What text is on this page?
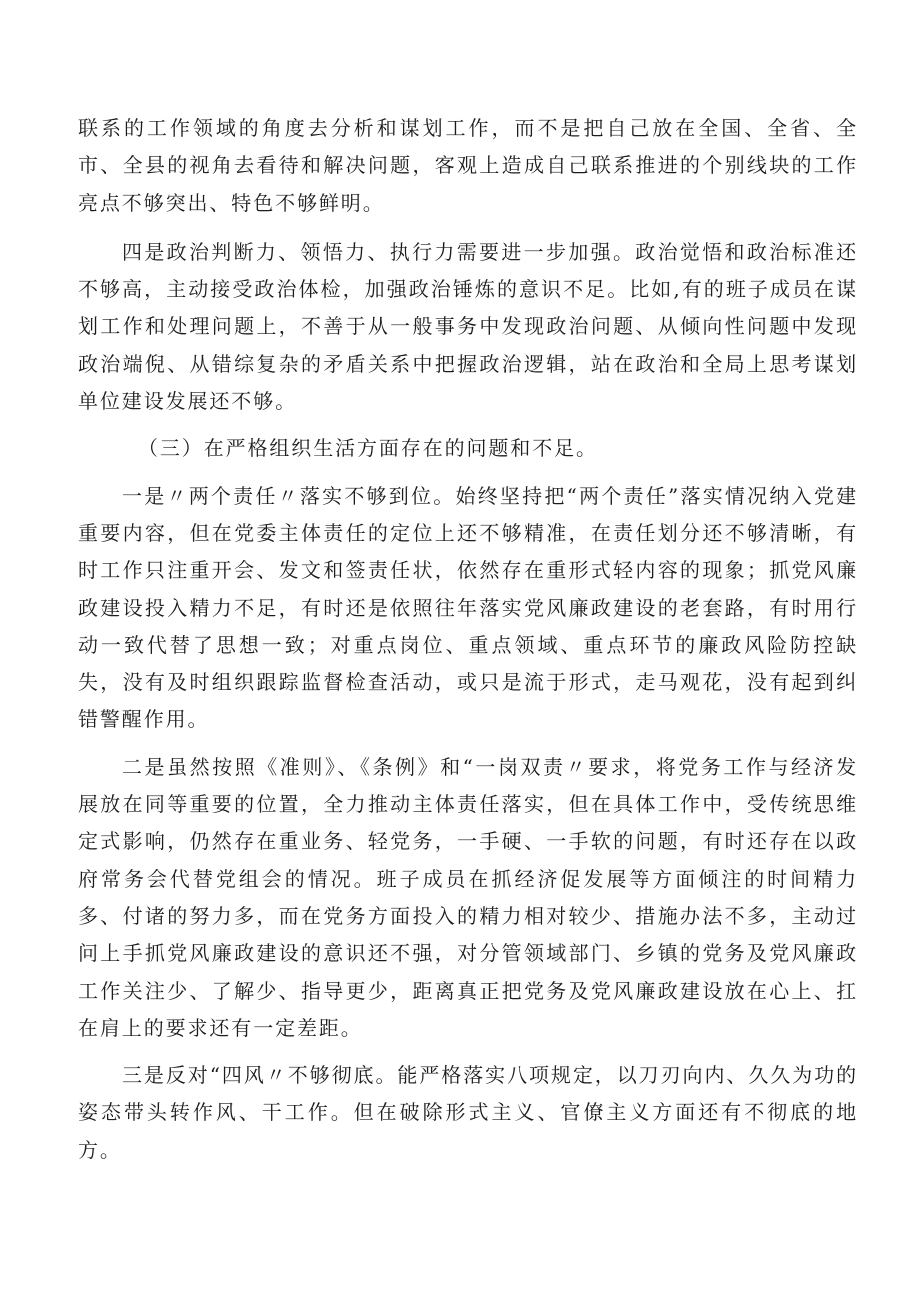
联系的工作领域的角度去分析和谋划工作，而不是把自己放在全国、全省、全市、全县的视角去看待和解决问题，客观上造成自己联系推进的个别线块的工作亮点不够突出、特色不够鲜明。

四是政治判断力、领悟力、执行力需要进一步加强。政治觉悟和政治标准还不够高，主动接受政治体检，加强政治锤炼的意识不足。比如,有的班子成员在谋划工作和处理问题上，不善于从一般事务中发现政治问题、从倾向性问题中发现政治端倪、从错综复杂的矛盾关系中把握政治逻辑，站在政治和全局上思考谋划单位建设发展还不够。

（三）在严格组织生活方面存在的问题和不足。

一是〃两个责任〃落实不够到位。始终坚持把“两个责任”落实情况纳入党建重要内容，但在党委主体责任的定位上还不够精准，在责任划分还不够清晰，有时工作只注重开会、发文和签责任状，依然存在重形式轻内容的现象；抓党风廉政建设投入精力不足，有时还是依照往年落实党风廉政建设的老套路，有时用行动一致代替了思想一致；对重点岗位、重点领域、重点环节的廉政风险防控缺失，没有及时组织跟踪监督检查活动，或只是流于形式，走马观花，没有起到纠错警醒作用。

二是虽然按照《准则》、《条例》和“一岗双责〃要求，将党务工作与经济发展放在同等重要的位置，全力推动主体责任落实，但在具体工作中，受传统思维定式影响，仍然存在重业务、轻党务，一手硬、一手软的问题，有时还存在以政府常务会代替党组会的情况。班子成员在抓经济促发展等方面倾注的时间精力多、付诸的努力多，而在党务方面投入的精力相对较少、措施办法不多，主动过问上手抓党风廉政建设的意识还不强，对分管领域部门、乡镇的党务及党风廉政工作关注少、了解少、指导更少，距离真正把党务及党风廉政建设放在心上、扛在肩上的要求还有一定差距。

三是反对“四风〃不够彻底。能严格落实八项规定，以刀刃向内、久久为功的姿态带头转作风、干工作。但在破除形式主义、官僚主义方面还有不彻底的地方。
